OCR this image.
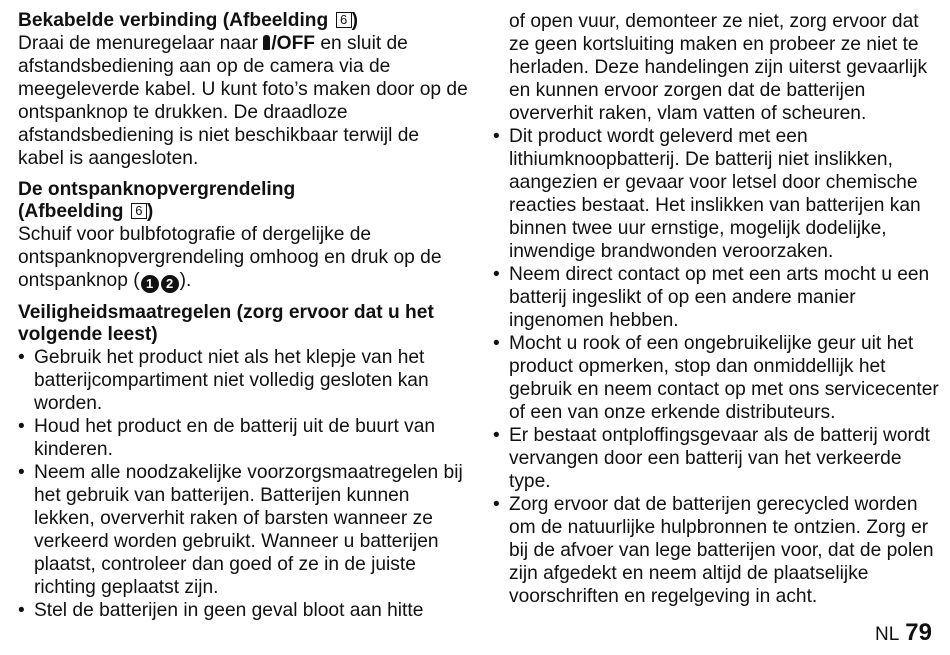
Bekabelde verbinding (Afbeelding 6 )

Draai de menuregelaar naar /OFF en sluit de afstandsbediening aan op de camera via de meegeleverde kabel. U kunt foto’s maken door op de ontspanknop te drukken. De draadloze afstandsbediening is niet beschikbaar terwijl de kabel is aangesloten.

De ontspanknopvergrendeling
(Afbeelding 6 )

Schuif voor bulbfotografie of dergelijke de ontspanknopvergrendeling omhoog en druk op de ontspanknop ( 1 2 ).

Veiligheidsmaatregelen (zorg ervoor dat u het volgende leest)
• Gebruik het product niet als het klepje van het batterijcompartiment niet volledig gesloten kan worden.
• Houd het product en de batterij uit de buurt van kinderen.
• Neem alle noodzakelijke voorzorgsmaatregelen bij het gebruik van batterijen. Batterijen kunnen lekken, oververhit raken of barsten wanneer ze verkeerd worden gebruikt. Wanneer u batterijen plaatst, controleer dan goed of ze in de juiste richting geplaatst zijn.
• Stel de batterijen in geen geval bloot aan hitte

of open vuur, demonteer ze niet, zorg ervoor dat ze geen kortsluiting maken en probeer ze niet te herladen. Deze handelingen zijn uiterst gevaarlijk en kunnen ervoor zorgen dat de batterijen oververhit raken, vlam vatten of scheuren.

• Dit product wordt geleverd met een lithiumknoopbatterij. De batterij niet inslikken, aangezien er gevaar voor letsel door chemische reacties bestaat. Het inslikken van batterijen kan binnen twee uur ernstige, mogelijk dodelijke, inwendige brandwonden veroorzaken.
• Neem direct contact op met een arts mocht u een batterij ingeslikt of op een andere manier ingenomen hebben.
• Mocht u rook of een ongebruikelijke geur uit het product opmerken, stop dan onmiddellijk het gebruik en neem contact op met ons servicecenter of een van onze erkende distributeurs.
• Er bestaat ontploffingsgevaar als de batterij wordt vervangen door een batterij van het verkeerde type.
• Zorg ervoor dat de batterijen gerecycled worden om de natuurlijke hulpbronnen te ontzien. Zorg er bij de afvoer van lege batterijen voor, dat de polen zijn afgedekt en neem altijd de plaatselijke voorschriften en regelgeving in acht.
NL 79
